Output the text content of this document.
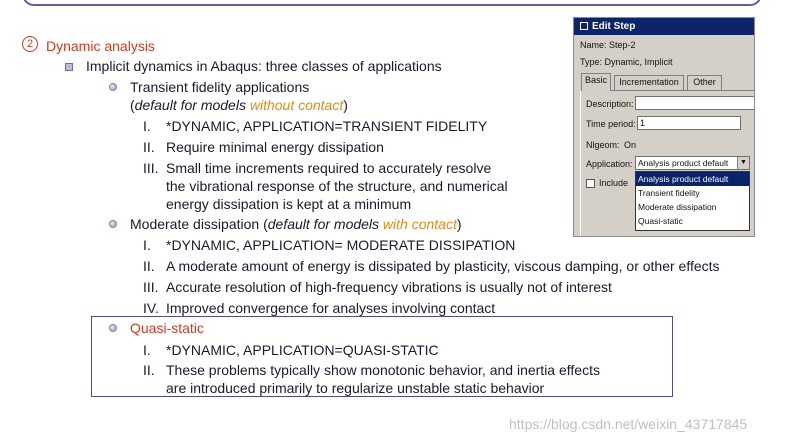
2 Dynamic analysis
Implicit dynamics in Abaqus: three classes of applications
Transient fidelity applications
(default for models without contact)
I.	*DYNAMIC, APPLICATION=TRANSIENT FIDELITY
II. Require minimal energy dissipation
III. Small time increments required to accurately resolve
the vibrational response of the structure, and numerical
energy dissipation is kept at a minimum
Moderate dissipation (default for models with contact)
I.	*DYNAMIC, APPLICATION= MODERATE DISSIPATION
II. A moderate amount of energy is dissipated by plasticity, viscous damping, or other effects
III. Accurate resolution of high-frequency vibrations is usually not of interest
IV. Improved convergence for analyses involving contact
Quasi-static
I.	*DYNAMIC, APPLICATION=QUASI-STATIC
II. These problems typically show monotonic behavior, and inertia effects
are introduced primarily to regularize unstable static behavior
Edit Step
Name: Step-2
Type: Dynamic, Implicit
Basic	Incrementation	Other
Description:
Time period: 1
Nlgeom: On
Application: Analysis product default	▼
Include Analysis product default
Transient fidelity
Moderate dissipation
Quasi-static
https://blog.csdn.net/weixin_43717845
